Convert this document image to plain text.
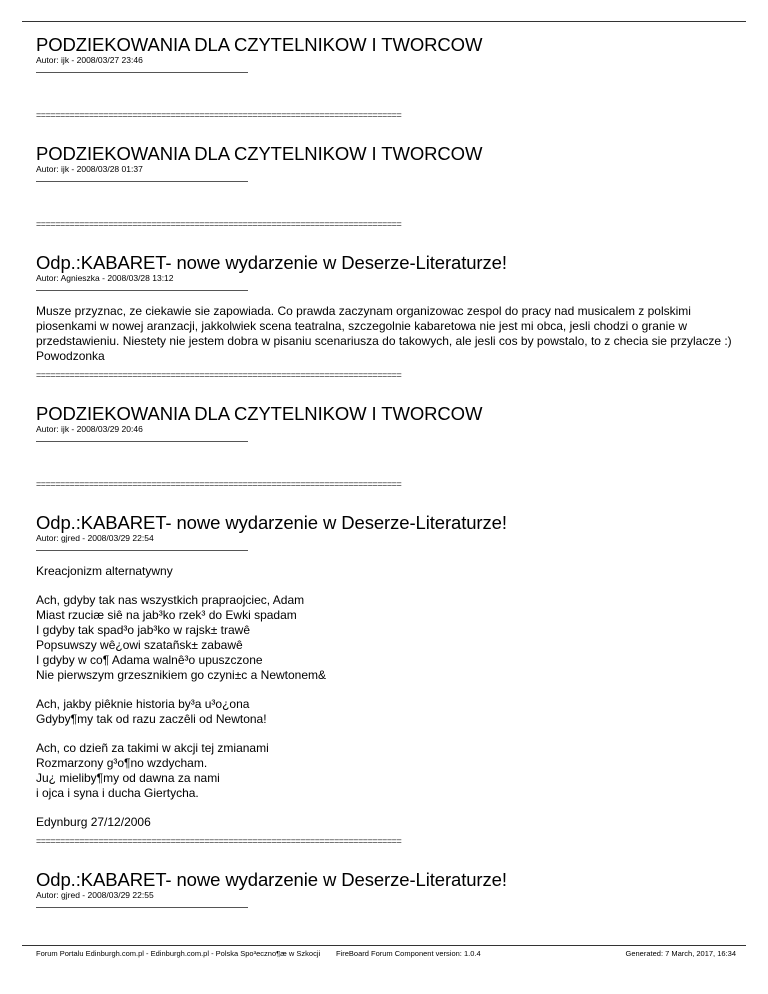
PODZIEKOWANIA DLA CZYTELNIKOW I TWORCOW
Autor: ijk - 2008/03/27 23:46
============================================================================
PODZIEKOWANIA DLA CZYTELNIKOW I TWORCOW
Autor: ijk - 2008/03/28 01:37
============================================================================
Odp.:KABARET- nowe wydarzenie w Deserze-Literaturze!
Autor: Agnieszka - 2008/03/28 13:12

Musze przyznac, ze ciekawie sie zapowiada. Co prawda zaczynam organizowac zespol do pracy nad musicalem z polskimi piosenkami w nowej aranzacji, jakkolwiek scena teatralna, szczegolnie kabaretowa nie jest mi obca, jesli chodzi o granie w przedstawieniu. Niestety nie jestem dobra w pisaniu scenariusza do takowych, ale jesli cos by powstalo, to z checia sie przylacze :)
Powodzonka

============================================================================
PODZIEKOWANIA DLA CZYTELNIKOW I TWORCOW
Autor: ijk - 2008/03/29 20:46
============================================================================
Odp.:KABARET- nowe wydarzenie w Deserze-Literaturze!
Autor: gjred - 2008/03/29 22:54

Kreacjonizm alternatywny

Ach, gdyby tak nas wszystkich prapraojciec, Adam
Miast rzuciæ siê na jab³ko rzek³ do Ewki spadam
I gdyby tak spad³o jab³ko w rajsk± trawê
Popsuwszy wê¿owi szatañsk± zabawê
I gdyby w co¶ Adama walnê³o upuszczone
Nie pierwszym grzesznikiem go czyni±c a Newtonem&

Ach, jakby piêknie historia by³a u³o¿ona
Gdyby¶my tak od razu zaczêli od Newtona!

Ach, co dzieñ za takimi w akcji tej zmianami
Rozmarzony g³o¶no wzdycham.
Ju¿ mieliby¶my od dawna za nami
i ojca i syna i ducha Giertycha.

Edynburg 27/12/2006

============================================================================
Odp.:KABARET- nowe wydarzenie w Deserze-Literaturze!
Autor: gjred - 2008/03/29 22:55
Forum Portalu Edinburgh.com.pl - Edinburgh.com.pl - Polska Spo³eczno¶æ w Szkocji FireBoard Forum Component version: 1.0.4	Generated: 7 March, 2017, 16:34
